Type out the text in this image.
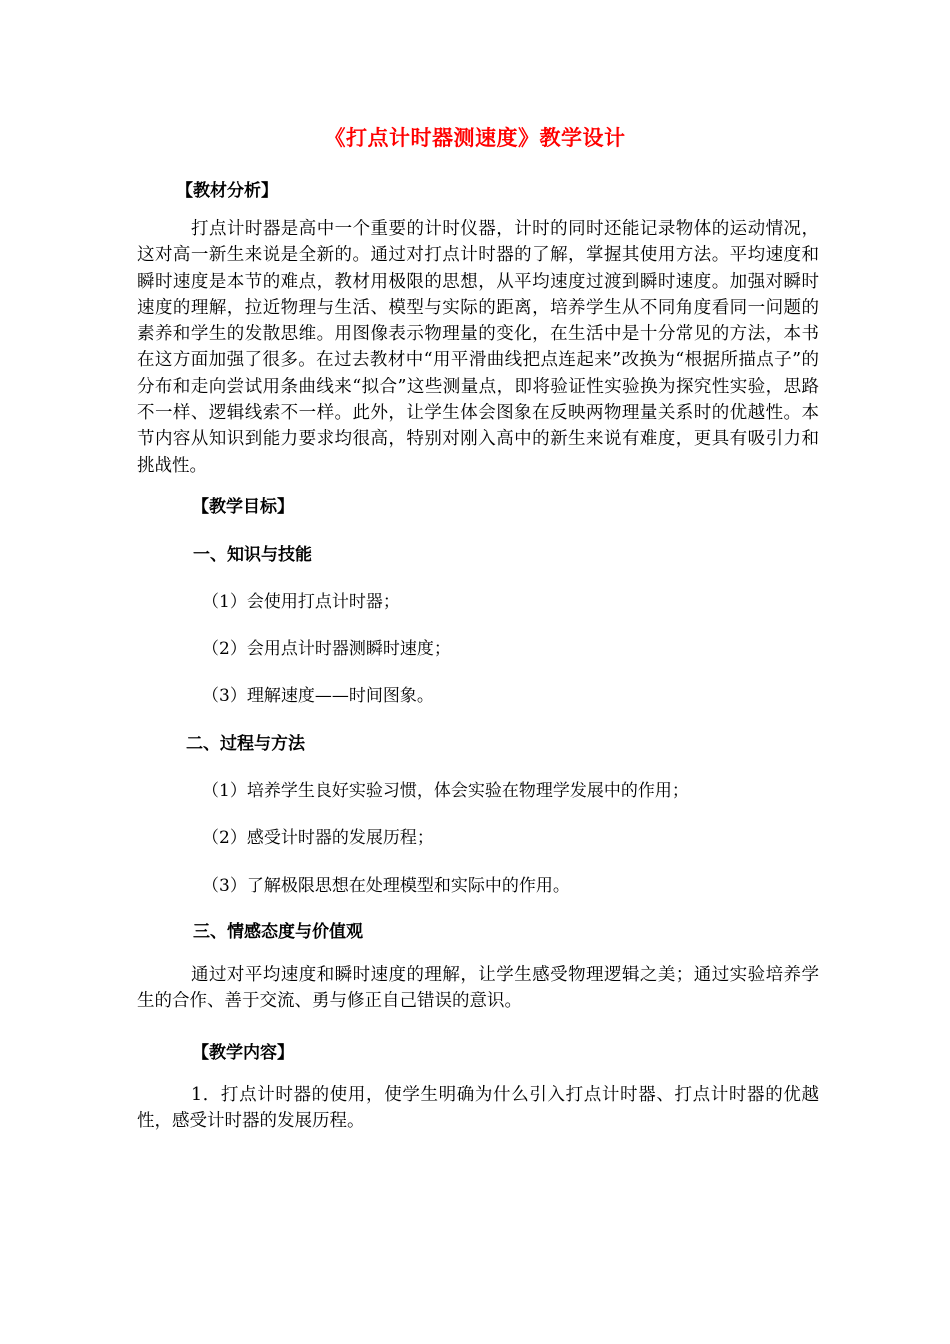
《打点计时器测速度》教学设计
【教材分析】
打点计时器是高中一个重要的计时仪器，计时的同时还能记录物体的运动情况，这对高一新生来说是全新的。通过对打点计时器的了解，掌握其使用方法。平均速度和瞬时速度是本节的难点，教材用极限的思想，从平均速度过渡到瞬时速度。加强对瞬时速度的理解，拉近物理与生活、模型与实际的距离，培养学生从不同角度看同一问题的素养和学生的发散思维。用图像表示物理量的变化，在生活中是十分常见的方法，本书在这方面加强了很多。在过去教材中“用平滑曲线把点连起来”改换为“根据所描点子”的分布和走向尝试用条曲线来“拟合”这些测量点，即将验证性实验换为探究性实验，思路不一样、逻辑线索不一样。此外，让学生体会图象在反映两物理量关系时的优越性。本节内容从知识到能力要求均很高，特别对刚入高中的新生来说有难度，更具有吸引力和挑战性。
【教学目标】
一、知识与技能
（1）会使用打点计时器；
（2）会用点计时器测瞬时速度；
（3）理解速度——时间图象。
二、过程与方法
（1）培养学生良好实验习惯，体会实验在物理学发展中的作用；
（2）感受计时器的发展历程；
（3）了解极限思想在处理模型和实际中的作用。
三、情感态度与价值观
通过对平均速度和瞬时速度的理解，让学生感受物理逻辑之美；通过实验培养学生的合作、善于交流、勇与修正自己错误的意识。
【教学内容】
1．打点计时器的使用，使学生明确为什么引入打点计时器、打点计时器的优越性，感受计时器的发展历程。
